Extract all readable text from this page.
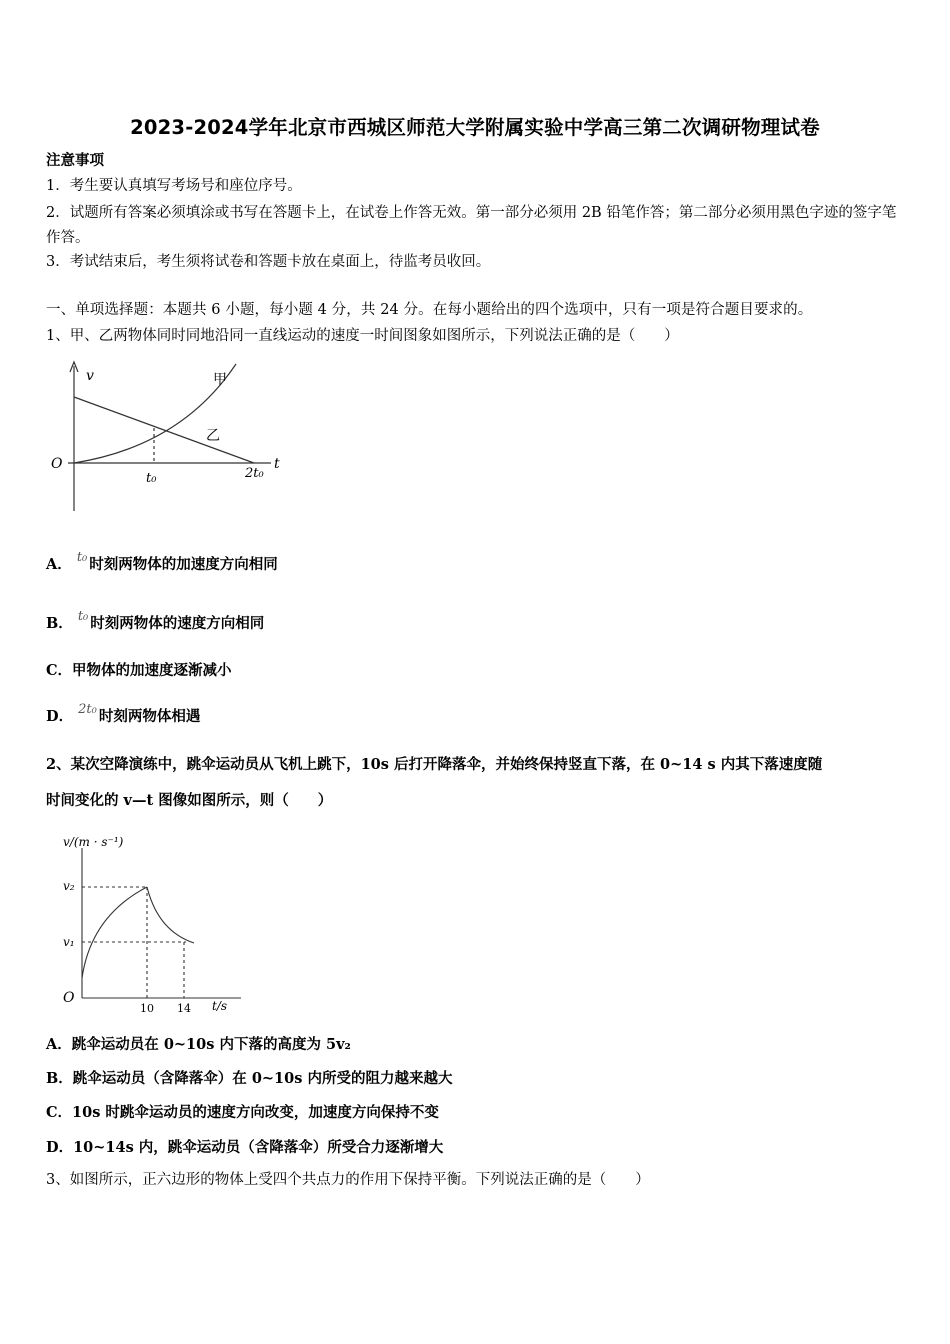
2023-2024学年北京市西城区师范大学附属实验中学高三第二次调研物理试卷
注意事项
1．考生要认真填写考场号和座位序号。
2．试题所有答案必须填涂或书写在答题卡上，在试卷上作答无效。第一部分必须用 2B 铅笔作答；第二部分必须用黑色字迹的签字笔作答。
3．考试结束后，考生须将试卷和答题卡放在桌面上，待监考员收回。
一、单项选择题：本题共 6 小题，每小题 4 分，共 24 分。在每小题给出的四个选项中，只有一项是符合题目要求的。
1、甲、乙两物体同时同地沿同一直线运动的速度一时间图象如图所示，下列说法正确的是（　　）
v
O	t
甲
乙
t₀	2t₀
A． t₀ 时刻两物体的加速度方向相同
B． t₀ 时刻两物体的速度方向相同
C．甲物体的加速度逐渐减小
D． 2t₀ 时刻两物体相遇
2、某次空降演练中，跳伞运动员从飞机上跳下，10s 后打开降落伞，并始终保持竖直下落，在 0~14 s 内其下落速度随
时间变化的 v—t 图像如图所示，则（　　）
v/(m · s⁻¹)
v₂
v₁
O
10 14 t/s
A．跳伞运动员在 0~10s 内下落的高度为 5v₂
B．跳伞运动员（含降落伞）在 0~10s 内所受的阻力越来越大
C．10s 时跳伞运动员的速度方向改变，加速度方向保持不变
D．10~14s 内，跳伞运动员（含降落伞）所受合力逐渐增大
3、如图所示，正六边形的物体上受四个共点力的作用下保持平衡。下列说法正确的是（　　）
